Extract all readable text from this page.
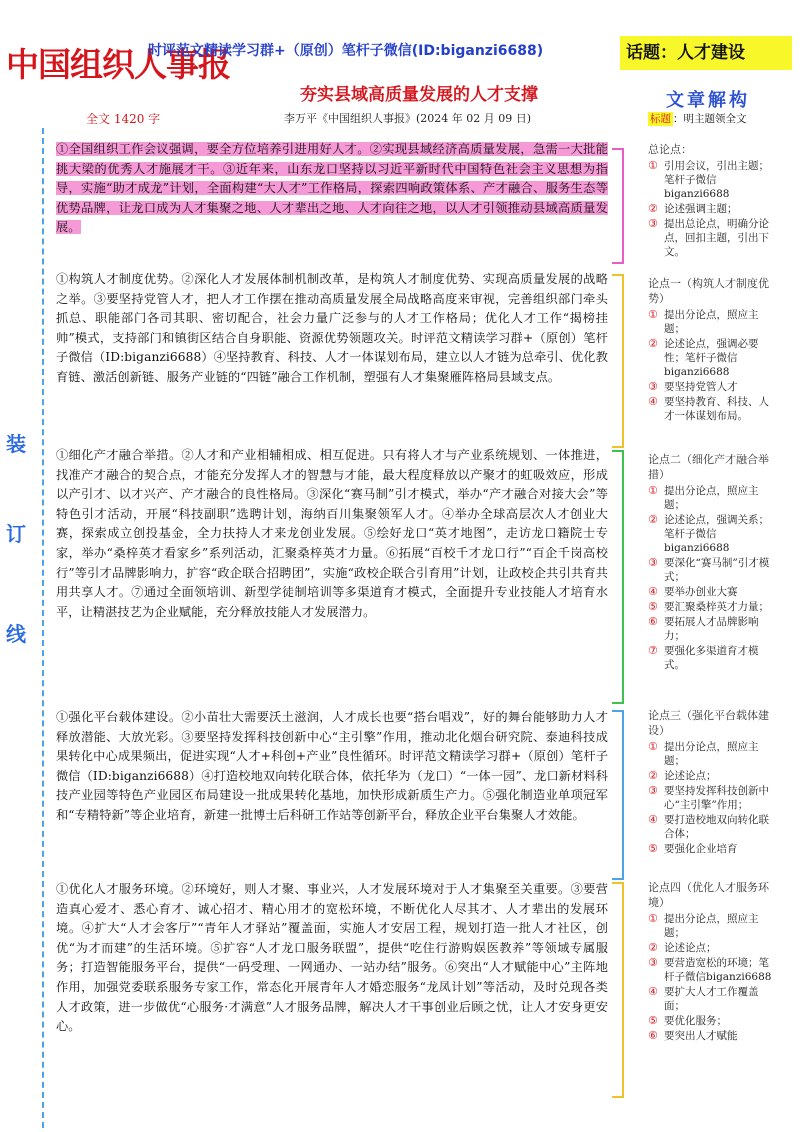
中国组织人事报
时评范文精读学习群+（原创）笔杆子微信(ID:biganzi6688)	话题：人才建设
夯实县域高质量发展的人才支撑	文章解构
全文 1420 字	李万平《中国组织人事报》(2024 年 02 月 09 日)
装
订
线

①全国组织工作会议强调，要全方位培养引进用好人才。②实现县域经济高质量发展，急需一大批能挑大梁的优秀人才施展才干。③近年来，山东龙口坚持以习近平新时代中国特色社会主义思想为指导，实施“助才成龙”计划，全面构建“大人才”工作格局，探索四响政策体系、产才融合、服务生态等优势品牌，让龙口成为人才集聚之地、人才辈出之地、人才向往之地，以人才引领推动县域高质量发展。

①构筑人才制度优势。②深化人才发展体制机制改革，是构筑人才制度优势、实现高质量发展的战略之举。③要坚持党管人才，把人才工作摆在推动高质量发展全局战略高度来审视，完善组织部门牵头抓总、职能部门各司其职、密切配合，社会力量广泛参与的人才工作格局；优化人才工作“揭榜挂帅”模式，支持部门和镇街区结合自身职能、资源优势领题攻关。时评范文精读学习群+（原创）笔杆子微信（ID:biganzi6688）④坚持教育、科技、人才一体谋划布局，建立以人才链为总牵引、优化教育链、激活创新链、服务产业链的“四链”融合工作机制，塑强有人才集聚雁阵格局县域支点。

①细化产才融合举措。②人才和产业相辅相成、相互促进。只有将人才与产业系统规划、一体推进，找准产才融合的契合点，才能充分发挥人才的智慧与才能，最大程度释放以产聚才的虹吸效应，形成以产引才、以才兴产、产才融合的良性格局。③深化“赛马制”引才模式，举办“产才融合对接大会”等特色引才活动，开展“科技副职”选聘计划，海纳百川集聚领军人才。④举办全球高层次人才创业大赛，探索成立创投基金，全力扶持人才来龙创业发展。⑤绘好龙口“英才地图”，走访龙口籍院士专家，举办“桑梓英才看家乡”系列活动，汇聚桑梓英才力量。⑥拓展“百校千才龙口行”“百企千岗高校行”等引才品牌影响力，扩容“政企联合招聘团”，实施“政校企联合引育用”计划，让政校企共引共育共用共享人才。⑦通过全面领培训、新型学徒制培训等多渠道育才模式，全面提升专业技能人才培育水平，让精湛技艺为企业赋能，充分释放技能人才发展潜力。

①强化平台载体建设。②小苗壮大需要沃土滋润，人才成长也要“搭台唱戏”，好的舞台能够助力人才释放潜能、大放光彩。③要坚持发挥科技创新中心“主引擎”作用，推动北化烟台研究院、泰迪科技成果转化中心成果频出，促进实现“人才+科创+产业”良性循环。时评范文精读学习群+（原创）笔杆子微信（ID:biganzi6688）④打造校地双向转化联合体，依托华为（龙口）“一体一园”、龙口新材料科技产业园等特色产业园区布局建设一批成果转化基地，加快形成新质生产力。⑤强化制造业单项冠军和“专精特新”等企业培育，新建一批博士后科研工作站等创新平台，释放企业平台集聚人才效能。

①优化人才服务环境。②环境好，则人才聚、事业兴，人才发展环境对于人才集聚至关重要。③要营造真心爱才、悉心育才、诚心招才、精心用才的宽松环境，不断优化人尽其才、人才辈出的发展环境。④扩大“人才会客厅”“青年人才驿站”覆盖面，实施人才安居工程，规划打造一批人才社区，创优“为才而建”的生活环境。⑤扩容“人才龙口服务联盟”，提供“吃住行游购娱医教养”等领域专属服务；打造智能服务平台，提供“一码受理、一网通办、一站办结”服务。⑥突出“人才赋能中心”主阵地作用，加强党委联系服务专家工作，常态化开展青年人才婚恋服务“龙凤计划”等活动，及时兑现各类人才政策，进一步做优“心服务·才满意”人才服务品牌，解决人才干事创业后顾之忧，让人才安身更安心。

标题 ：明主题领全文
总论点：
① 引用会议，引出主题；笔杆子微信biganzi6688
② 论述强调主题；
③ 提出总论点，明确分论点，回扣主题，引出下文。
论点一（构筑人才制度优势）
① 提出分论点，照应主题；
② 论述论点，强调必要性；笔杆子微信biganzi6688
③ 要坚持党管人才
④ 要坚持教育、科技、人才一体谋划布局。
论点二（细化产才融合举措）
① 提出分论点，照应主题；
② 论述论点，强调关系；笔杆子微信biganzi6688
③ 要深化“赛马制”引才模式；
④ 要举办创业大赛
⑤ 要汇聚桑梓英才力量；
⑥ 要拓展人才品牌影响力；
⑦ 要强化多渠道育才模式。
论点三（强化平台载体建设）
① 提出分论点，照应主题；
② 论述论点；
③ 要坚持发挥科技创新中心“主引擎”作用；
④ 要打造校地双向转化联合体；
⑤ 要强化企业培育
论点四（优化人才服务环境）
① 提出分论点，照应主题；
② 论述论点；
③ 要营造宽松的环境；笔杆子微信biganzi6688
④ 要扩大人才工作覆盖面；
⑤ 要优化服务；
⑥ 要突出人才赋能
